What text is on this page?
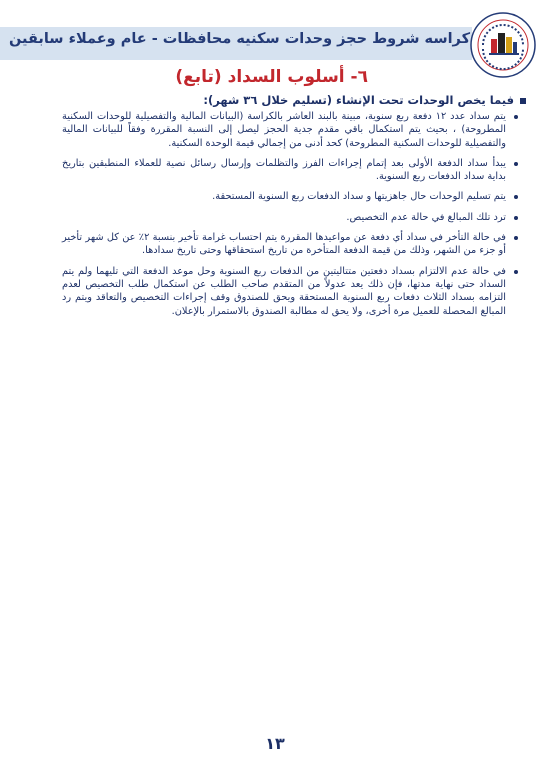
كراسه شروط حجز وحدات سكنيه محافظات - عام وعملاء سابقين
٦- أسلوب السداد (تابع)
فيما يخص الوحدات تحت الإنشاء (تسليم خلال ٣٦ شهر):
يتم سداد عدد ١٢ دفعة ربع سنوية، مبينة بالبند العاشر بالكراسة (البيانات المالية والتفصيلية للوحدات السكنية المطروحة) ، بحيث يتم استكمال باقي مقدم جدية الحجز ليصل إلى النسبة المقررة وفقاً للبيانات المالية والتفصيلية للوحدات السكنية المطروحة) كحد أدنى من إجمالي قيمة الوحدة السكنية.
يبدأ سداد الدفعة الأولى بعد إتمام إجراءات الفرز والتظلمات وإرسال رسائل نصية للعملاء المنطبقين بتاريخ بداية سداد الدفعات ربع السنوية.
يتم تسليم الوحدات حال جاهزيتها و سداد الدفعات ربع السنوية المستحقة.
ترد تلك المبالغ في حالة عدم التخصيص.
في حالة التأخر في سداد أي دفعة عن مواعيدها المقررة يتم احتساب غرامة تأخير بنسبة ٢٪ عن كل شهر تأخير أو جزء من الشهر، وذلك من قيمة الدفعة المتأخرة من تاريخ استحقاقها وحتى تاريخ سدادها.
في حالة عدم الالتزام بسداد دفعتين متتاليتين من الدفعات ربع السنوية وحل موعد الدفعة التي تليهما ولم يتم السداد حتى نهاية مدتها، فإن ذلك يعد عدولاً من المتقدم صاحب الطلب عن استكمال طلب التخصيص لعدم التزامه بسداد الثلاث دفعات ربع السنوية المستحقة ويحق للصندوق وقف إجراءات التخصيص والتعاقد ويتم رد المبالغ المحصلة للعميل مرة أخرى، ولا يحق له مطالبة الصندوق بالاستمرار بالإعلان.
١٣
